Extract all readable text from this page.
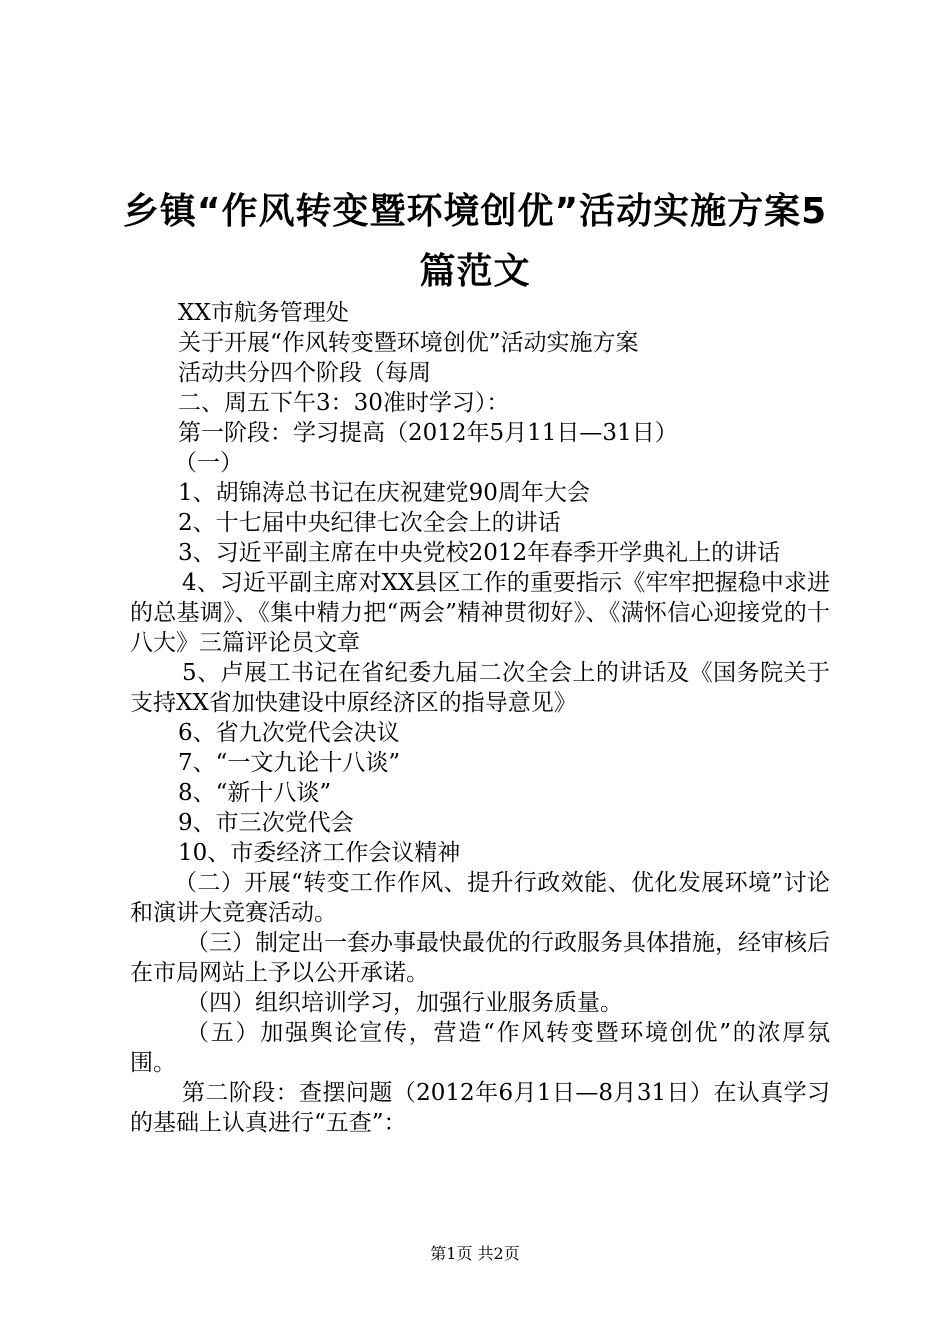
乡镇“作风转变暨环境创优”活动实施方案5
篇范文

XX市航务管理处

关于开展“作风转变暨环境创优”活动实施方案

活动共分四个阶段（每周

二、周五下午3：30准时学习）：

第一阶段：学习提高（2012年5月11日—31日）

（一）

1、胡锦涛总书记在庆祝建党90周年大会

2、十七届中央纪律七次全会上的讲话

3、习近平副主席在中央党校2012年春季开学典礼上的讲话

4、习近平副主席对XX县区工作的重要指示《牢牢把握稳中求进的总基调》、《集中精力把“两会”精神贯彻好》、《满怀信心迎接党的十八大》三篇评论员文章

5、卢展工书记在省纪委九届二次全会上的讲话及《国务院关于支持XX省加快建设中原经济区的指导意见》

6、省九次党代会决议

7、“一文九论十八谈”

8、“新十八谈”

9、市三次党代会

10、市委经济工作会议精神

（二）开展“转变工作作风、提升行政效能、优化发展环境”讨论和演讲大竞赛活动。

（三）制定出一套办事最快最优的行政服务具体措施，经审核后在市局网站上予以公开承诺。

（四）组织培训学习，加强行业服务质量。

（五）加强舆论宣传，营造“作风转变暨环境创优”的浓厚氛围。

第二阶段：查摆问题（2012年6月1日—8月31日）在认真学习的基础上认真进行“五查”：

第1页 共2页
